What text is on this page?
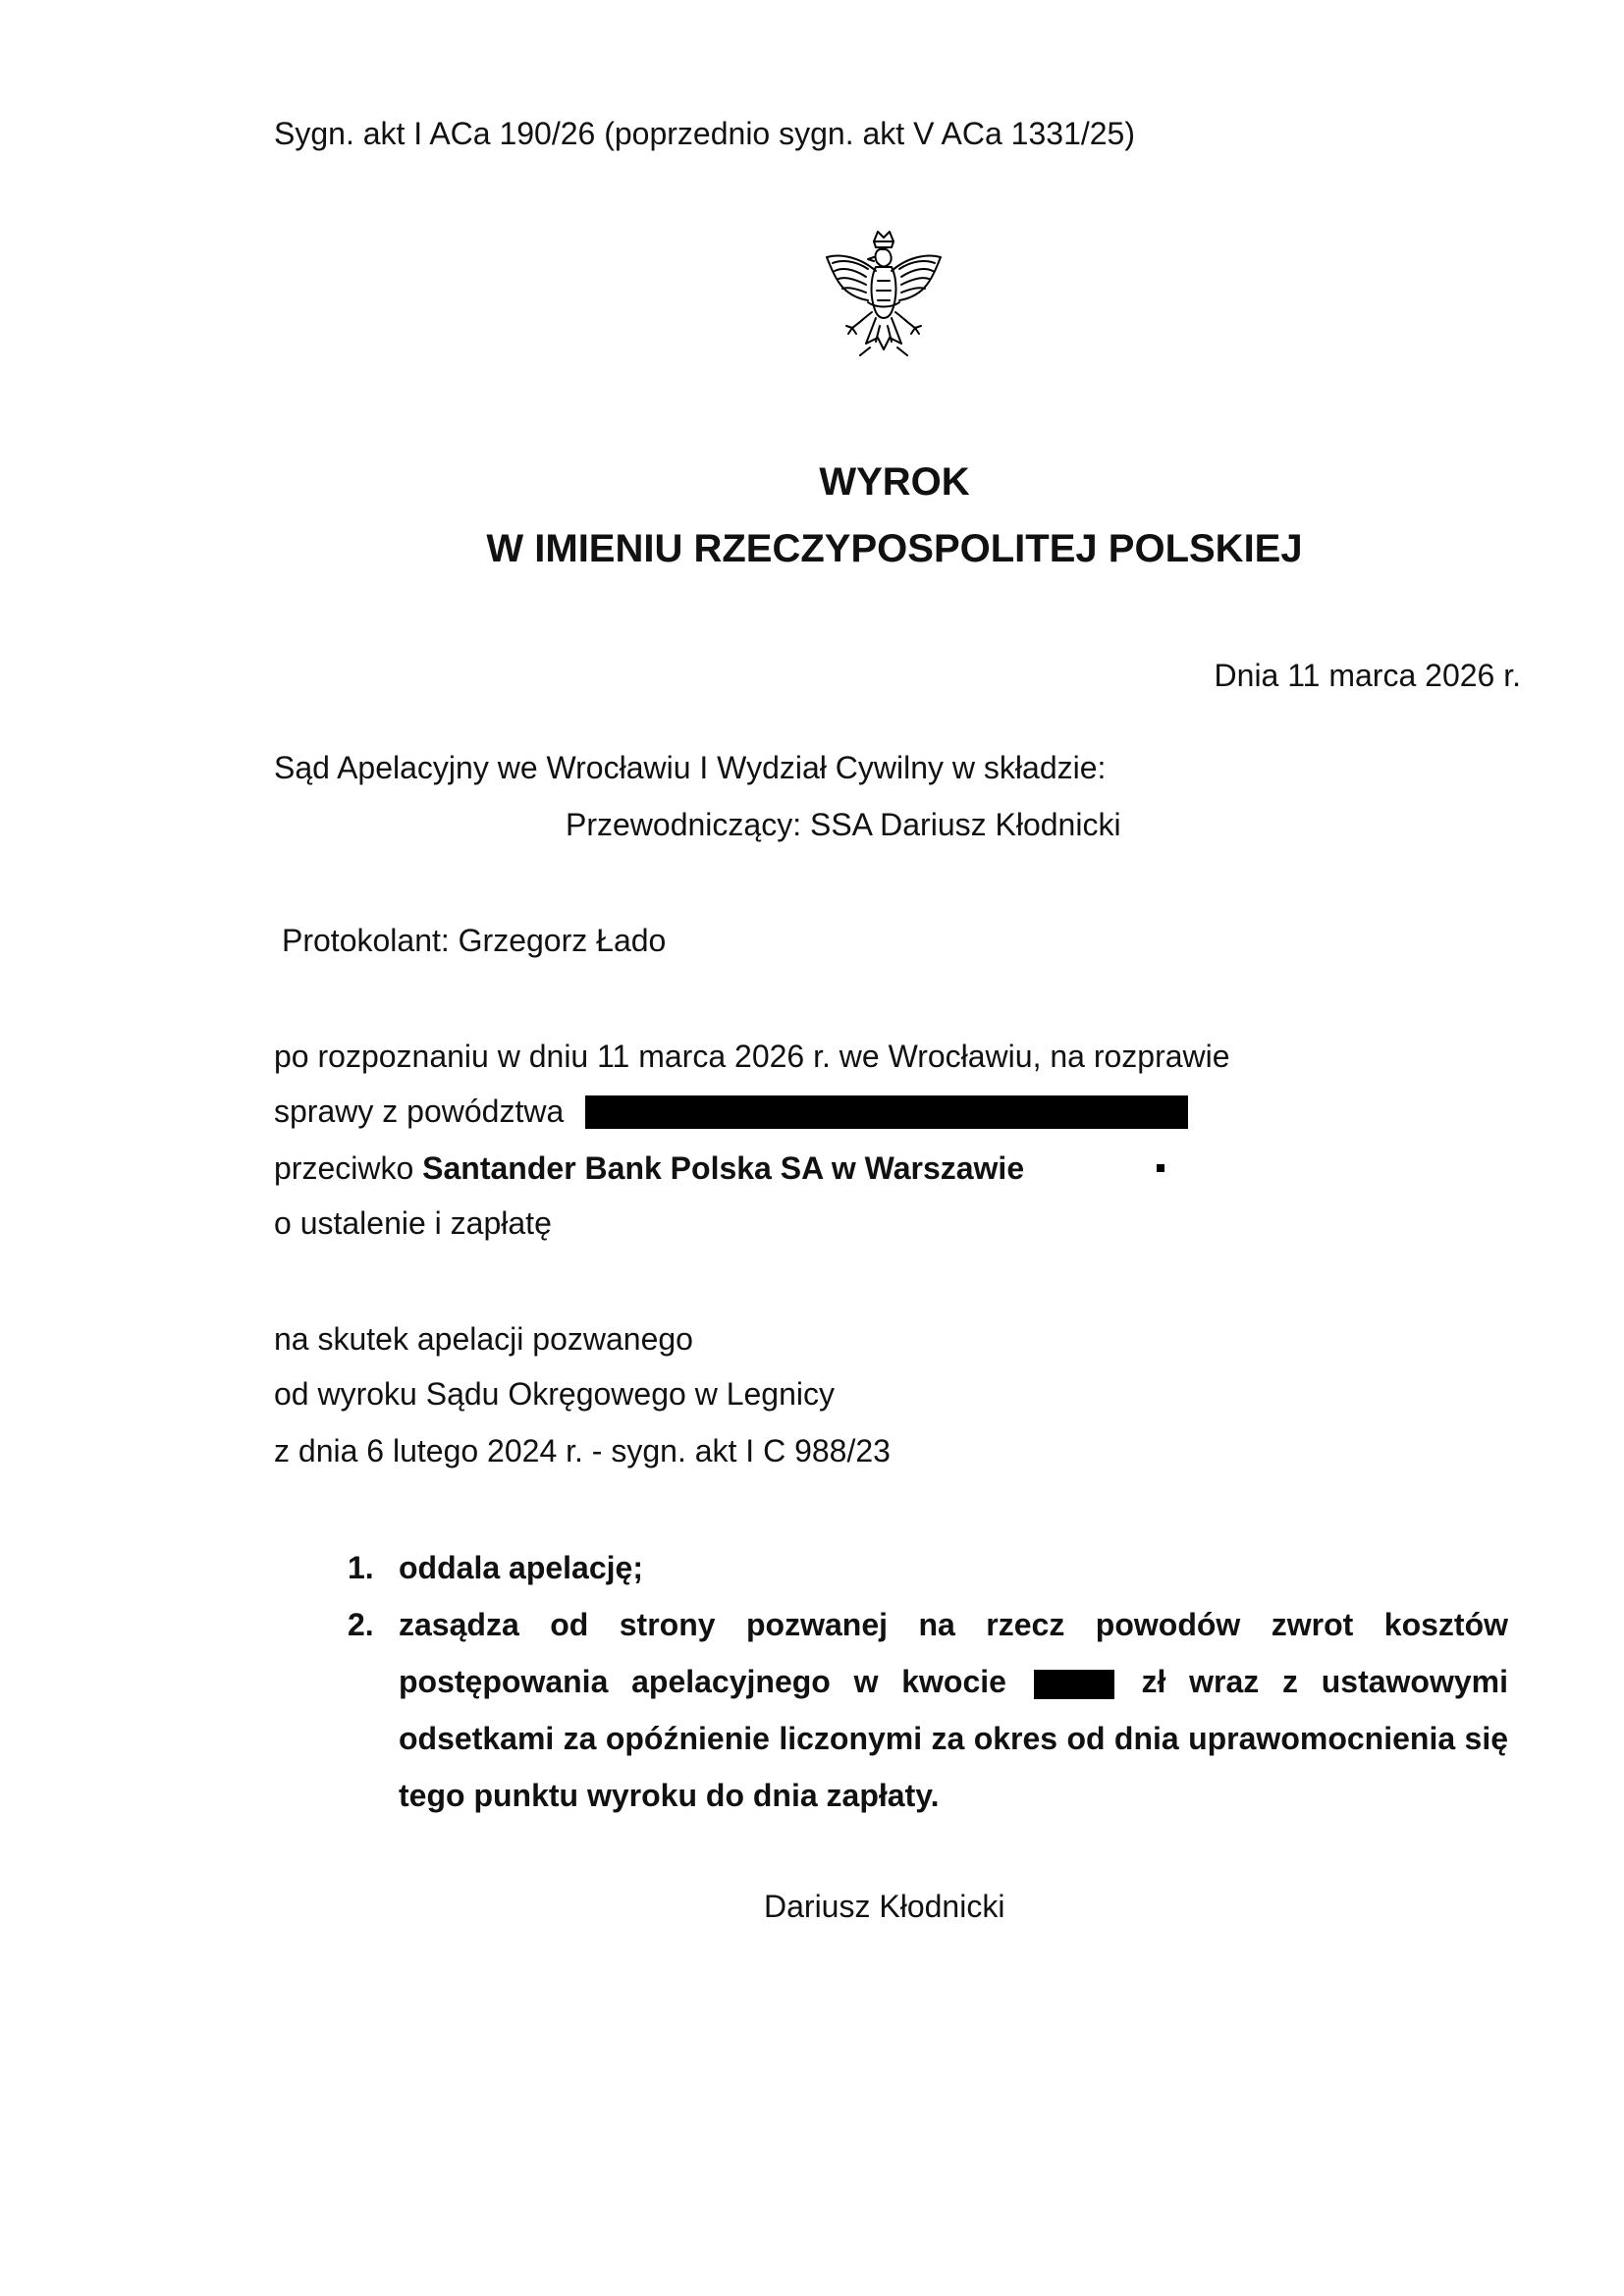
Sygn. akt I ACa 190/26 (poprzednio sygn. akt V ACa 1331/25)
WYROK
W IMIENIU RZECZYPOSPOLITEJ POLSKIEJ
Dnia 11 marca 2026 r.
Sąd Apelacyjny we Wrocławiu I Wydział Cywilny w składzie:
Przewodniczący: SSA Dariusz Kłodnicki
Protokolant: Grzegorz Łado
po rozpoznaniu w dniu 11 marca 2026 r. we Wrocławiu, na rozprawie
sprawy z powództwa
przeciwko Santander Bank Polska SA w Warszawie
o ustalenie i zapłatę
na skutek apelacji pozwanego
od wyroku Sądu Okręgowego w Legnicy
z dnia 6 lutego 2024 r. - sygn. akt I C 988/23
1. oddala apelację;
2. zasądza od strony pozwanej na rzecz powodów zwrot kosztów postępowania apelacyjnego w kwocie	zł wraz z ustawowymi odsetkami za opóźnienie liczonymi za okres od dnia uprawomocnienia się tego punktu wyroku do dnia zapłaty.
Dariusz Kłodnicki
